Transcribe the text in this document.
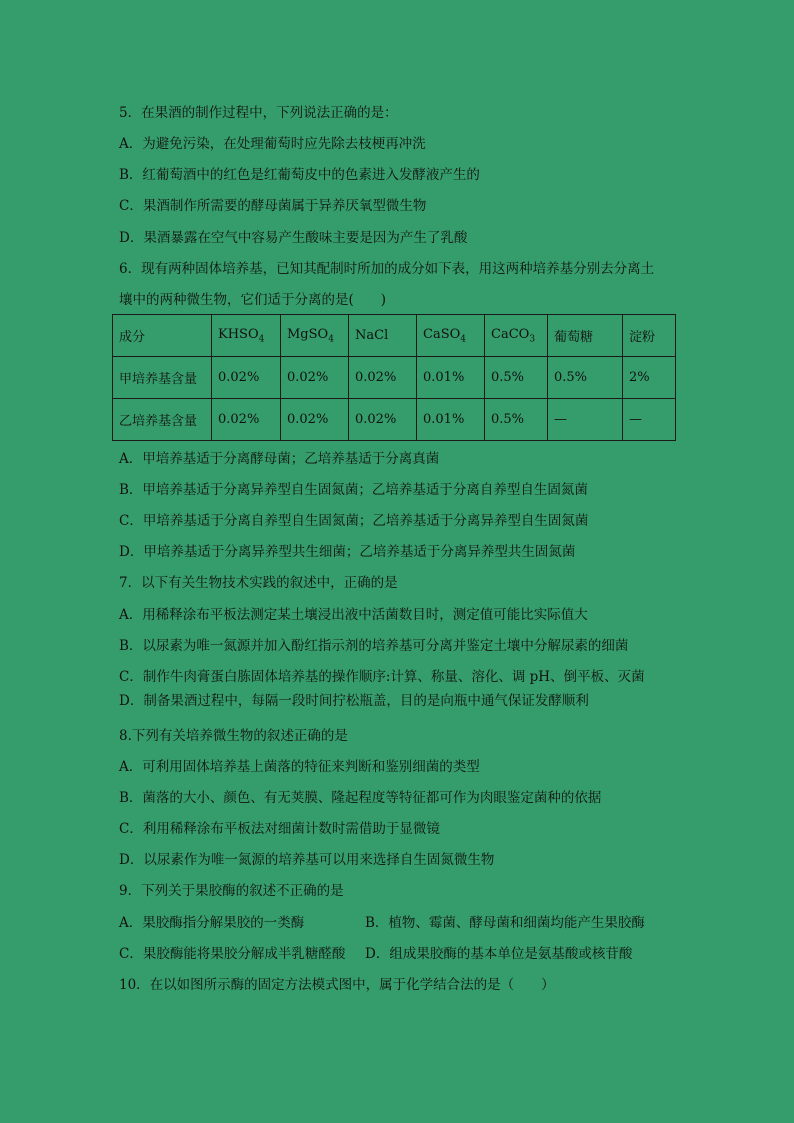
5．在果酒的制作过程中，下列说法正确的是：
A．为避免污染，在处理葡萄时应先除去枝梗再冲洗
B．红葡萄酒中的红色是红葡萄皮中的色素进入发酵液产生的
C．果酒制作所需要的酵母菌属于异养厌氧型微生物
D．果酒暴露在空气中容易产生酸味主要是因为产生了乳酸
6．现有两种固体培养基，已知其配制时所加的成分如下表，用这两种培养基分别去分离土
壤中的两种微生物，它们适于分离的是(　　)
成分	$KHSO_4$	MgSO$_4$	NaCl	CaSO$_4$	CaCO$_3$	葡萄糖	淀粉
甲培养基含量	0.02%	0.02%	0.02%	0.01%	0.5%	0.5%	2%
乙培养基含量	0.02%	0.02%	0.02%	0.01%	0.5%	—	—
A．甲培养基适于分离酵母菌；乙培养基适于分离真菌
B．甲培养基适于分离异养型自生固氮菌；乙培养基适于分离自养型自生固氮菌
C．甲培养基适于分离自养型自生固氮菌；乙培养基适于分离异养型自生固氮菌
D．甲培养基适于分离异养型共生细菌；乙培养基适于分离异养型共生固氮菌
7．以下有关生物技术实践的叙述中，正确的是
A．用稀释涂布平板法测定某土壤浸出液中活菌数目时，测定值可能比实际值大
B．以尿素为唯一氮源并加入酚红指示剂的培养基可分离并鉴定土壤中分解尿素的细菌
C．制作牛肉膏蛋白胨固体培养基的操作顺序:计算、称量、溶化、调 pH、倒平板、灭菌
D．制备果酒过程中，每隔一段时间拧松瓶盖，目的是向瓶中通气保证发酵顺利
8.下列有关培养微生物的叙述正确的是
A．可利用固体培养基上菌落的特征来判断和鉴别细菌的类型
B．菌落的大小、颜色、有无荚膜、隆起程度等特征都可作为肉眼鉴定菌种的依据
C．利用稀释涂布平板法对细菌计数时需借助于显微镜
D．以尿素作为唯一氮源的培养基可以用来选择自生固氮微生物
9．下列关于果胶酶的叙述不正确的是
A．果胶酶指分解果胶的一类酶	B．植物、霉菌、酵母菌和细菌均能产生果胶酶
C．果胶酶能将果胶分解成半乳糖醛酸 D．组成果胶酶的基本单位是氨基酸或核苷酸
10．在以如图所示酶的固定方法模式图中，属于化学结合法的是（　　）
